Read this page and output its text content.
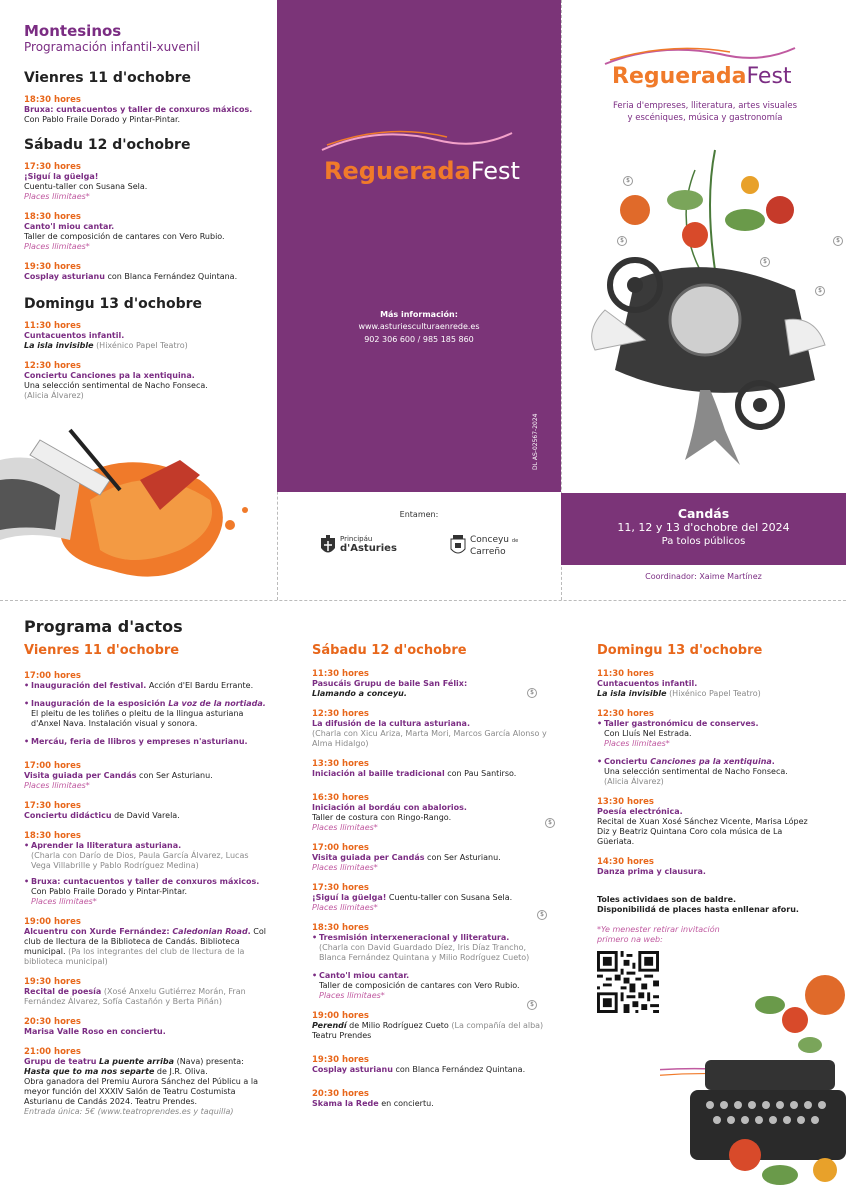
Montesinos
Programación infantil-xuvenil
Vienres 11 d'ochobre
18:30 hores
Bruxa: cuntacuentos y taller de conxuros máxicos.
Con Pablo Fraile Dorado y Pintar-Pintar.
Sábadu 12 d'ochobre
17:30 hores
¡Siguí la güelga!
Cuentu-taller con Susana Sela.
Places llimitaes*
18:30 hores
Canto'l miou cantar.
Taller de composición de cantares con Vero Rubio.
Places llimitaes*
19:30 hores
Cosplay asturianu con Blanca Fernández Quintana.
Domingu 13 d'ochobre
11:30 hores
Cuntacuentos infantil.
La isla invisible (Hixénico Papel Teatro)
12:30 hores
Conciertu Canciones pa la xentiquina.
Una selección sentimental de Nacho Fonseca.
(Alicia Álvarez)
RegueradaFest
Más información:
www.asturiesculturaenrede.es
902 306 600 / 985 185 860
DL AS-02567-2024
Entamen:
Principáu
d'Asturies
Conceyu de
Carreño
RegueradaFest
Feria d'empreses, lliteratura, artes visuales
y escéniques, música y gastronomía
$
$
$
$
$
Candás
11, 12 y 13 d'ochobre del 2024
Pa tolos públicos
Coordinador: Xaime Martínez
Programa d'actos
Vienres 11 d'ochobre
17:00 hores
• Inauguración del festival. Acción d'El Bardu Errante.
• Inauguración de la esposición La voz de la nortiada. El pleitu de les toliñes o pleitu de la llingua asturiana d'Anxel Nava. Instalación visual y sonora.
• Mercáu, feria de llibros y empreses n'asturianu.
17:00 hores
Visita guiada per Candás con Ser Asturianu.
Places llimitaes*
17:30 hores
Conciertu didácticu de David Varela.
18:30 hores
• Aprender la lliteratura asturiana.
(Charla con Darío de Dios, Paula García Álvarez, Lucas Vega Villabrille y Pablo Rodríguez Medina)
• Bruxa: cuntacuentos y taller de conxuros máxicos.
Con Pablo Fraile Dorado y Pintar-Pintar.
Places llimitaes*
19:00 hores
Alcuentru con Xurde Fernández: Caledonian Road. Col club de llectura de la Biblioteca de Candás. Biblioteca municipal. (Pa los integrantes del club de llectura de la biblioteca municipal)
19:30 hores
Recital de poesía (Xosé Anxelu Gutiérrez Morán, Fran Fernández Álvarez, Sofía Castañón y Berta Piñán)
20:30 hores
Marisa Valle Roso en conciertu.
21:00 hores
Grupu de teatru La puente arriba (Nava) presenta: Hasta que to ma nos separte de J.R. Oliva.
Obra ganadora del Premiu Aurora Sánchez del Públicu a la meyor función del XXXIV Salón de Teatru Costumista Asturianu de Candás 2024. Teatru Prendes.
Entrada única: 5€ (www.teatroprendes.es y taquilla)
Sábadu 12 d'ochobre
11:30 hores
Pasucáis Grupu de baile San Félix:
Llamando a conceyu.
12:30 hores
La difusión de la cultura asturiana.
(Charla con Xicu Ariza, Marta Mori, Marcos García Alonso y Alma Hidalgo)
13:30 hores
Iniciación al baille tradicional con Pau Santirso.
16:30 hores
Iniciación al bordáu con abalorios.
Taller de costura con Ringo-Rango.
Places llimitaes*
17:00 hores
Visita guiada per Candás con Ser Asturianu.
Places llimitaes*
17:30 hores
¡Siguí la güelga! Cuentu-taller con Susana Sela.
Places llimitaes*
18:30 hores
• Tresmisión interxeneracional y lliteratura.
(Charla con David Guardado Díez, Iris Díaz Trancho, Blanca Fernández Quintana y Milio Rodríguez Cueto)
• Canto'l miou cantar.
Taller de composición de cantares con Vero Rubio.
Places llimitaes*
19:00 hores
Perendí de Milio Rodríguez Cueto (La compañía del alba)
Teatru Prendes
19:30 hores
Cosplay asturianu con Blanca Fernández Quintana.
20:30 hores
Skama la Rede en conciertu.
$
$
$
$
Domingu 13 d'ochobre
11:30 hores
Cuntacuentos infantil.
La isla invisible (Hixénico Papel Teatro)
12:30 hores
• Taller gastronómicu de conserves.
Con Lluís Nel Estrada.
Places llimitaes*
• Conciertu Canciones pa la xentiquina.
Una selección sentimental de Nacho Fonseca.
(Alicia Álvarez)
13:30 hores
Poesía electrónica.
Recital de Xuan Xosé Sánchez Vicente, Marisa López Diz y Beatriz Quintana Coro cola música de La Güeriata.
14:30 hores
Danza prima y clausura.
Toles actividaes son de baldre.
Disponibilidá de places hasta enllenar aforu.
*Ye menester retirar invitación
primero na web:
